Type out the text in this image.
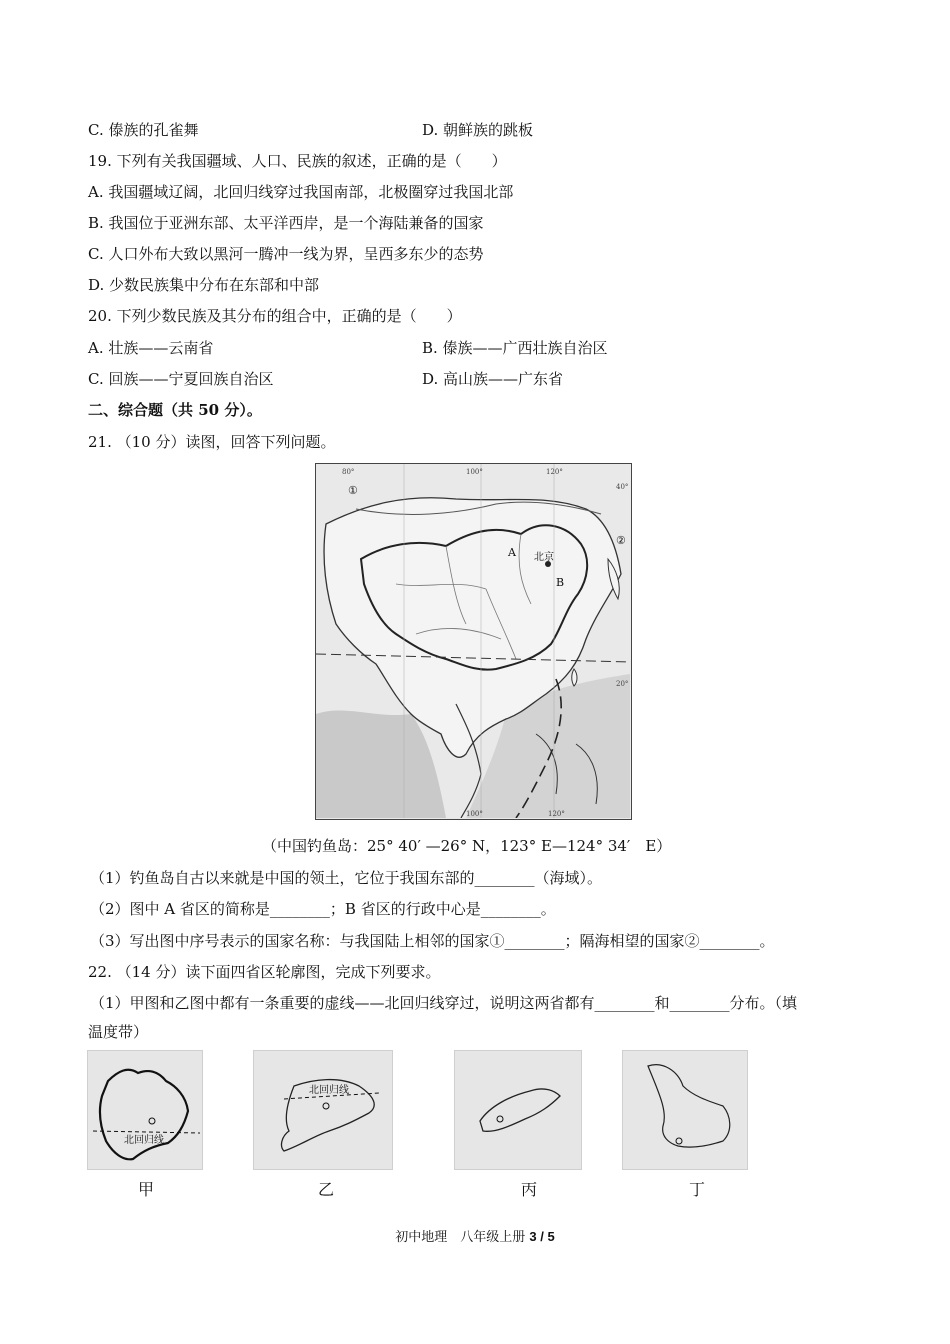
C. 傣族的孔雀舞	D. 朝鲜族的跳板
19. 下列有关我国疆域、人口、民族的叙述，正确的是（　　）
A. 我国疆域辽阔，北回归线穿过我国南部，北极圈穿过我国北部
B. 我国位于亚洲东部、太平洋西岸，是一个海陆兼备的国家
C. 人口外布大致以黑河一腾冲一线为界，呈西多东少的态势
D. 少数民族集中分布在东部和中部
20. 下列少数民族及其分布的组合中，正确的是（　　）
A. 壮族——云南省	B. 傣族——广西壮族自治区
C. 回族——宁夏回族自治区	D. 高山族——广东省
二、综合题（共 50 分）。
21. （10 分）读图，回答下列问题。
北京
A
B
①
②
80°	100°	120°
40°
20°
100°	120°
（中国钓鱼岛：25° 40′ —26° N，123° E—124° 34′　E）
（1）钓鱼岛自古以来就是中国的领土，它位于我国东部的________（海域）。
（2）图中 A 省区的简称是________；B 省区的行政中心是________。
（3）写出图中序号表示的国家名称：与我国陆上相邻的国家①________；隔海相望的国家②________。
22. （14 分）读下面四省区轮廓图，完成下列要求。
（1）甲图和乙图中都有一条重要的虚线——北回归线穿过，说明这两省都有________和________分布。（填
温度带）
北回归线
北回归线
甲	乙	丙	丁
初中地理　八年级上册 3 / 5
